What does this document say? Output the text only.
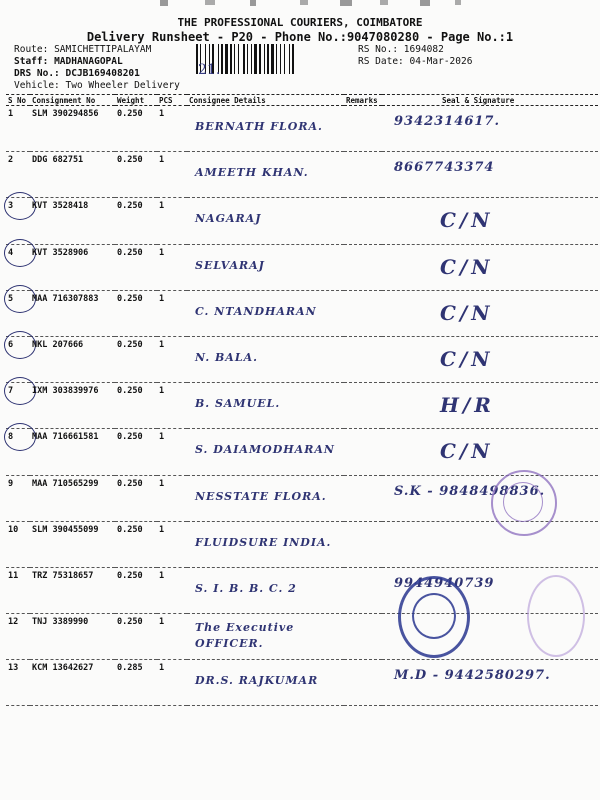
THE PROFESSIONAL COURIERS, COIMBATORE
Delivery Runsheet - P20 - Phone No.:9047080280 - Page No.:1
Route: SAMICHETTIPALAYAM
Staff: MADHANAGOPAL
DRS No.: DCJB169408201
Vehicle: Two Wheeler Delivery
RS No.: 1694082
RS Date: 04-Mar-2026
21.
S No	Consignment No	Weight	PCS	Consignee Details	Remarks	Seal & Signature
1	SLM 390294856	0.250	1	BERNATH FLORA.		9342314617.

2	DDG 682751	0.250	1	AMEETH KHAN.		8667743374

3	KVT 3528418	0.250	1	NAGARAJ		C/N

4	KVT 3528906	0.250	1	SELVARAJ		C/N

5	MAA 716307883	0.250	1	C. NTANDHARAN		C/N

6	NKL 207666	0.250	1	N. BALA.		C/N

7	IXM 303839976	0.250	1	B. SAMUEL.		H/R

8	MAA 716661581	0.250	1	S. DAIAMODHARAN		C/N

9	MAA 710565299	0.250	1	NESSTATE FLORA.		S.K - 9848498836.

10	SLM 390455099	0.250	1	FLUIDSURE INDIA.		

11	TRZ 75318657	0.250	1	S. I. B. B. C. 2		9944940739

12	TNJ 3389990	0.250	1	The Executive OFFICER.		

13	KCM 13642627	0.285	1	DR.S. RAJKUMAR		M.D - 9442580297.
